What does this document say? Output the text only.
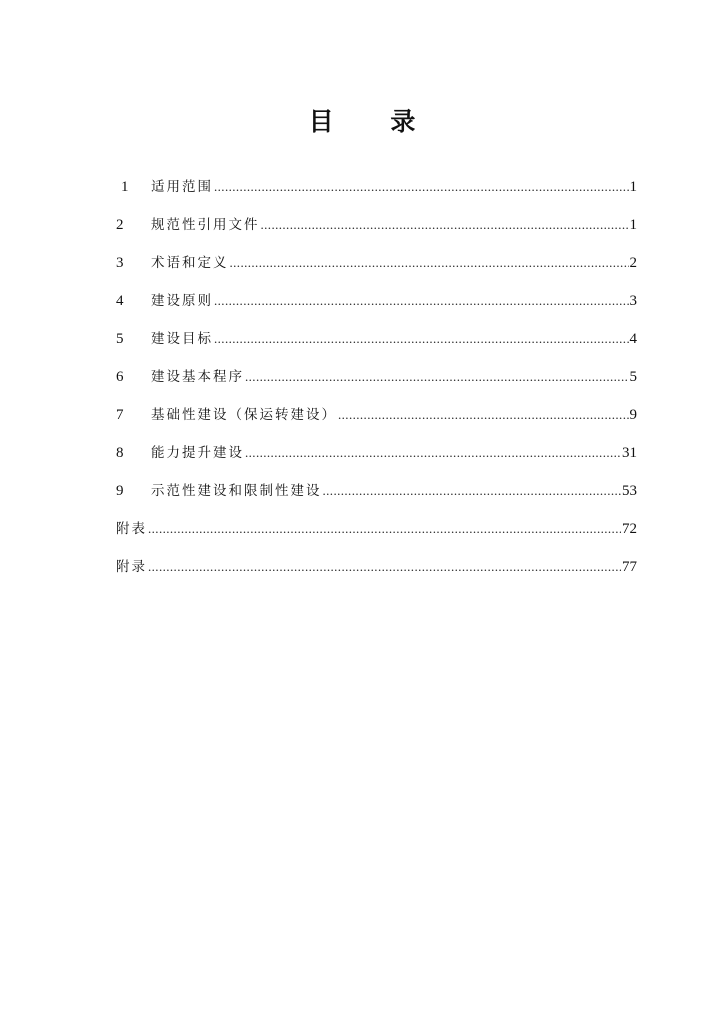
目 录
1	适用范围 .....	1
2	规范性引用文件 .....	1
3	术语和定义 .....	2
4	建设原则 .....	3
5	建设目标 .....	4
6	建设基本程序 .....	5
7	基础性建设（保运转建设） .....	9
8	能力提升建设 .....	31
9	示范性建设和限制性建设 .....	53
附表 .....	72
附录 .....	77
